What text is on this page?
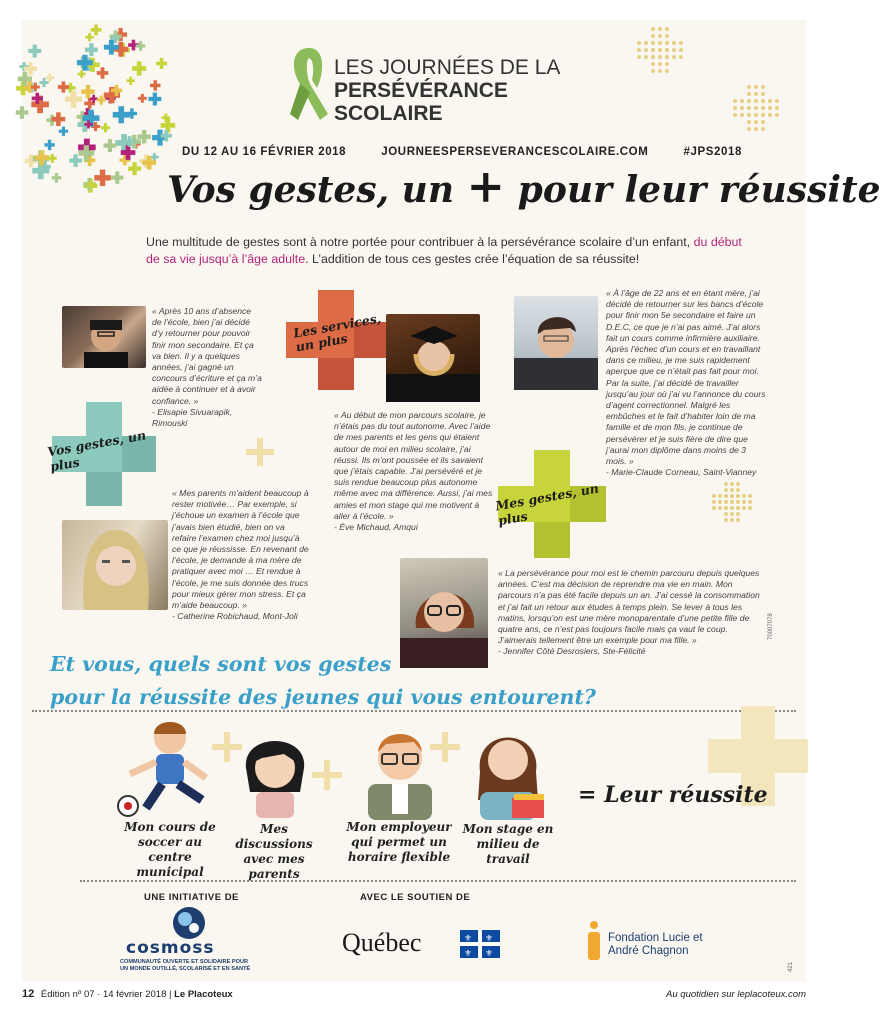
LES JOURNÉES DE LA
PERSÉVÉRANCE
SCOLAIRE
DU 12 AU 16 FÉVRIER 2018	JOURNEESPERSEVERANCESCOLAIRE.COM	#JPS2018
Vos gestes, un + pour leur réussite
Une multitude de gestes sont à notre portée pour contribuer à la persévérance scolaire d’un enfant, du début de sa vie jusqu’à l’âge adulte. L’addition de tous ces gestes crée l’équation de sa réussite!
« Après 10 ans d’absence de l’école, bien j’ai décidé d’y retourner pour pouvoir finir mon secondaire. Et ça va bien. Il y a quelques années, j’ai gagné un concours d’écriture et ça m’a aidée à continuer et à avoir confiance. »
- Elisapie Sivuarapik, Rimouski
Les services, un plus
« Au début de mon parcours scolaire, je n’étais pas du tout autonome. Avec l’aide de mes parents et les gens qui étaient autour de moi en milieu scolaire, j’ai réussi. Ils m’ont poussée et ils savaient que j’étais capable. J’ai persévéré et je suis rendue beaucoup plus autonome même avec ma différence. Aussi, j’ai mes amies et mon stage qui me motivent à aller à l’école. »
- Ève Michaud, Amqui
« À l’âge de 22 ans et en étant mère, j’ai décidé de retourner sur les bancs d’école pour finir mon 5e secondaire et faire un D.E.C, ce que je n’ai pas aimé. J’ai alors fait un cours comme infirmière auxiliaire. Après l’échec d’un cours et en travaillant dans ce milieu, je me suis rapidement aperçue que ce n’était pas fait pour moi. Par la suite, j’ai décidé de travailler jusqu’au jour où j’ai vu l’annonce du cours d’agent correctionnel. Malgré les embûches et le fait d’habiter loin de ma famille et de mon fils, je continue de persévérer et je suis fière de dire que j’aurai mon diplôme dans moins de 3 mois. »
- Marie-Claude Corneau, Saint-Vianney
Vos gestes, un plus
Mes gestes, un plus
« Mes parents m’aident beaucoup à rester motivée… Par exemple, si j’échoue un examen à l’école que j’avais bien étudié, bien on va refaire l’examen chez moi jusqu’à ce que je réussisse. En revenant de l’école, je demande à ma mère de pratiquer avec moi … Et rendue à l’école, je me suis donnée des trucs pour mieux gérer mon stress. Et ça m’aide beaucoup. »
- Catherine Robichaud, Mont-Joli
« La persévérance pour moi est le chemin parcouru depuis quelques années. C’est ma décision de reprendre ma vie en main. Mon parcours n’a pas été facile depuis un an. J’ai cessé la consommation et j’ai fait un retour aux études à temps plein. Se lever à tous les matins, lorsqu’on est une mère monoparentale d’une petite fille de quatre ans, ce n’est pas toujours facile mais ça vaut le coup. J’aimerais tellement être un exemple pour ma fille. »
- Jennifer Côté Desrosiers, Ste-Félicité
70007078
Et vous, quels sont vos gestes
pour la réussite des jeunes qui vous entourent?
= Leur réussite
Mon cours de soccer au centre municipal
Mes discussions avec mes parents
Mon employeur qui permet un horaire flexible
Mon stage en milieu de travail
UNE INITIATIVE DE
cosmoss
COMMUNAUTÉ OUVERTE ET SOLIDAIRE POUR UN MONDE OUTILLÉ, SCOLARISÉ ET EN SANTÉ
AVEC LE SOUTIEN DE
Québec	⚜ ⚜
⚜ ⚜
Fondation Lucie et André Chagnon
421
12 Édition nº 07 · 14 février 2018 | Le Placoteux	Au quotidien sur leplacoteux.com
